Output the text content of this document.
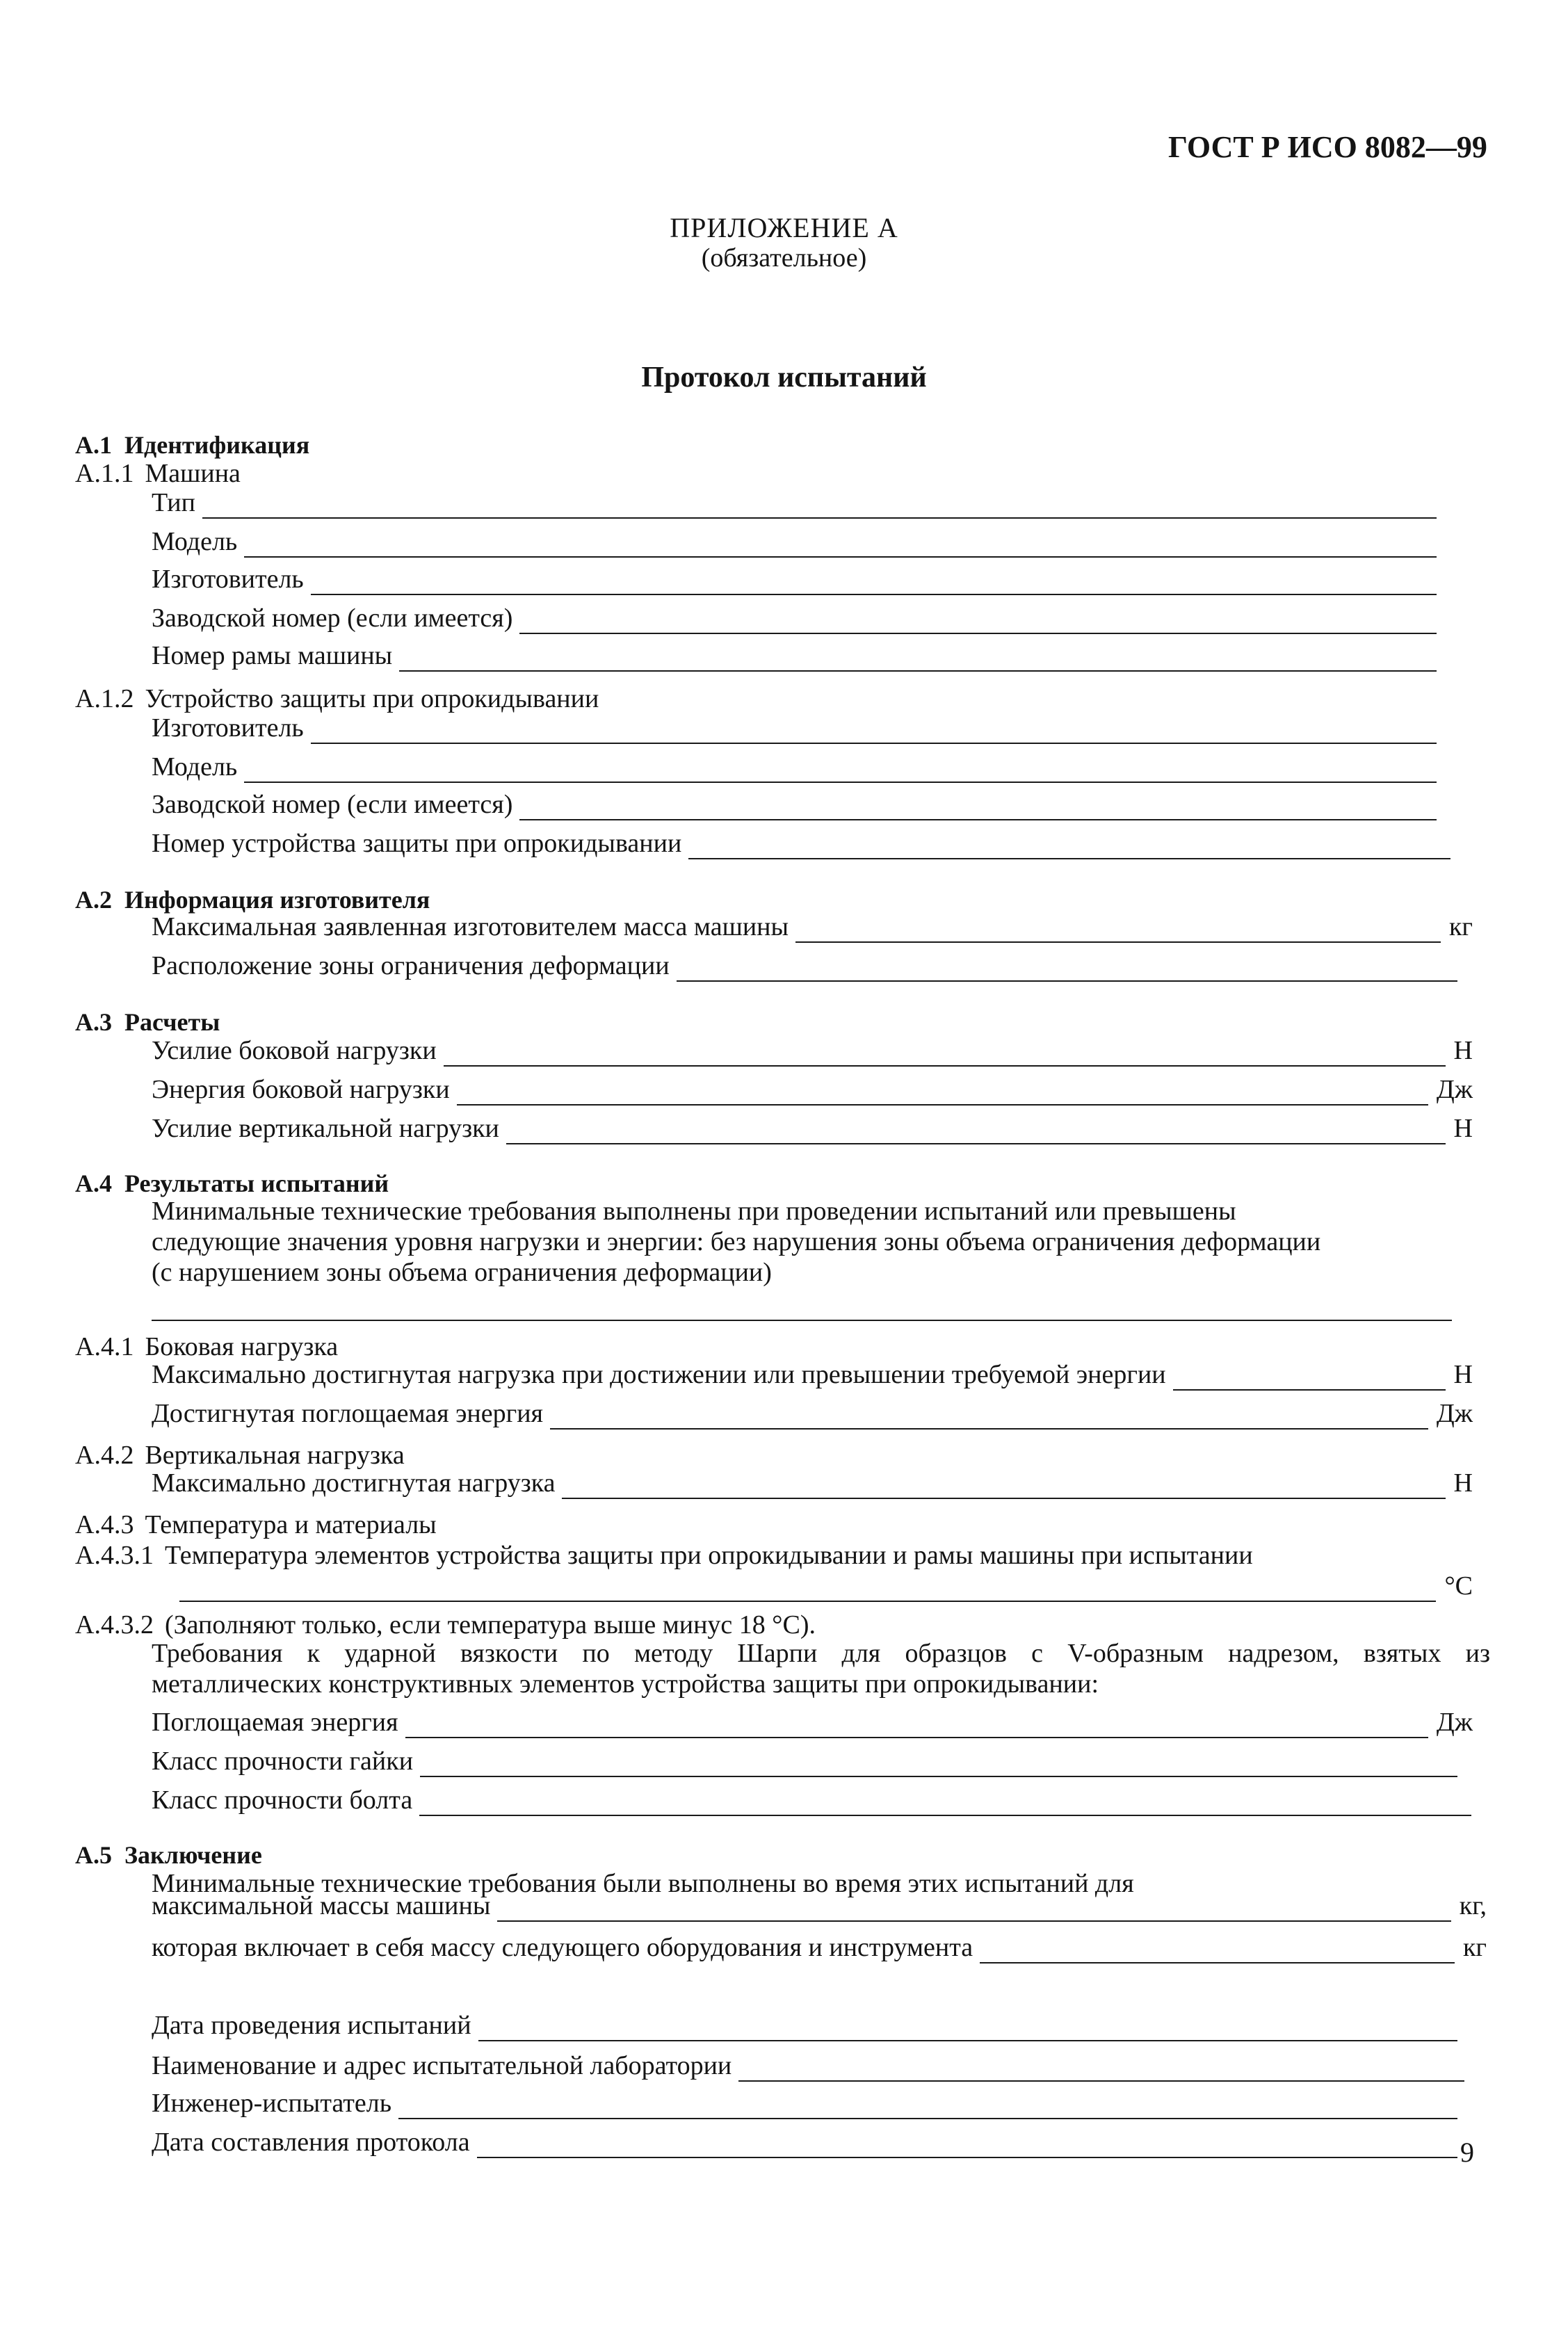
ГОСТ Р ИСО 8082—99
ПРИЛОЖЕНИЕ А
(обязательное)
Протокол испытаний
А.1 Идентификация
А.1.1 Машина
Тип
Модель
Изготовитель
Заводской номер (если имеется)
Номер рамы машины
А.1.2 Устройство защиты при опрокидывании
Изготовитель
Модель
Заводской номер (если имеется)
Номер устройства защиты при опрокидывании
А.2 Информация изготовителя
Максимальная заявленная изготовителем масса машины	кг
Расположение зоны ограничения деформации
А.3 Расчеты
Усилие боковой нагрузки	Н
Энергия боковой нагрузки	Дж
Усилие вертикальной нагрузки	Н
А.4 Результаты испытаний
Минимальные технические требования выполнены при проведении испытаний или превышены
следующие значения уровня нагрузки и энергии: без нарушения зоны объема ограничения деформации
(с нарушением зоны объема ограничения деформации)
А.4.1 Боковая нагрузка
Максимально достигнутая нагрузка при достижении или превышении требуемой энергии	Н
Достигнутая поглощаемая энергия	Дж
А.4.2 Вертикальная нагрузка
Максимально достигнутая нагрузка	Н
А.4.3 Температура и материалы
А.4.3.1 Температура элементов устройства защиты при опрокидывании и рамы машины при испытании
°C
А.4.3.2 (Заполняют только, если температура выше минус 18 °C).
Требования к ударной вязкости по методу Шарпи для образцов с V-образным надрезом, взятых из
металлических конструктивных элементов устройства защиты при опрокидывании:
Поглощаемая энергия	Дж
Класс прочности гайки
Класс прочности болта
А.5 Заключение
Минимальные технические требования были выполнены во время этих испытаний для
максимальной массы машины	кг,
которая включает в себя массу следующего оборудования и инструмента	кг
Дата проведения испытаний
Наименование и адрес испытательной лаборатории
Инженер-испытатель
Дата составления протокола	9
